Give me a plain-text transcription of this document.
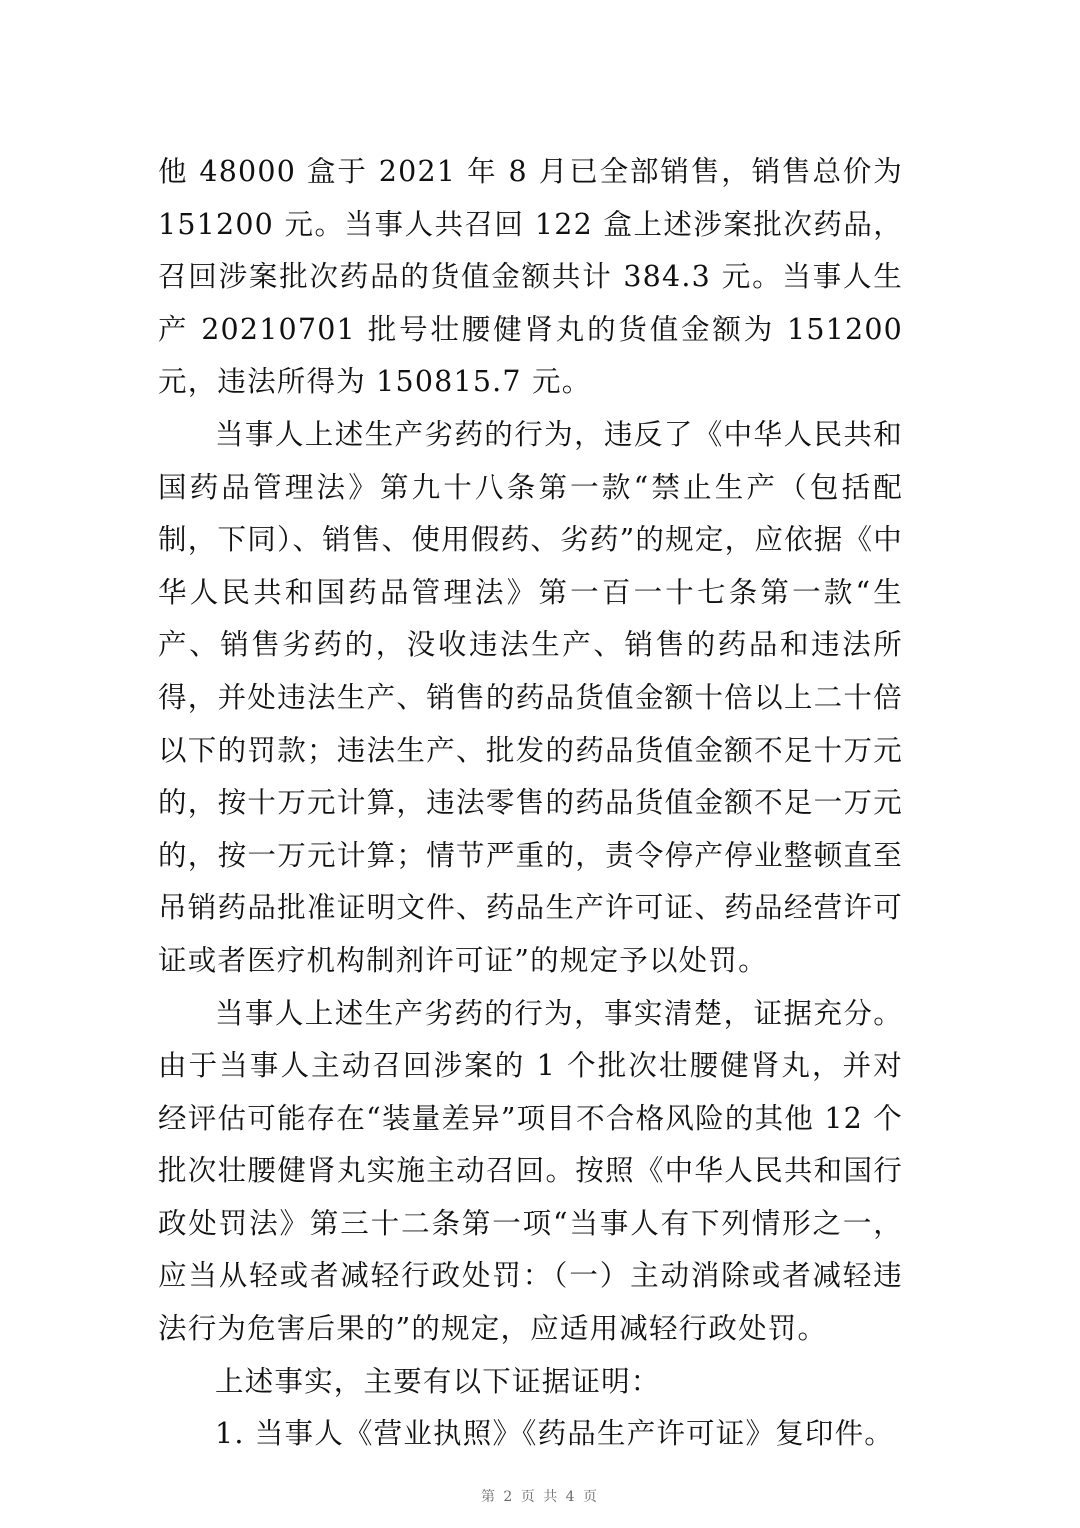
他 48000 盒于 2021 年 8 月已全部销售，销售总价为 151200 元。当事人共召回 122 盒上述涉案批次药品，召回涉案批次药品的货值金额共计 384.3 元。当事人生产 20210701 批号壮腰健肾丸的货值金额为 151200 元，违法所得为 150815.7 元。

当事人上述生产劣药的行为，违反了《中华人民共和国药品管理法》第九十八条第一款“禁止生产（包括配制，下同）、销售、使用假药、劣药”的规定，应依据《中华人民共和国药品管理法》第一百一十七条第一款“生产、销售劣药的，没收违法生产、销售的药品和违法所得，并处违法生产、销售的药品货值金额十倍以上二十倍以下的罚款；违法生产、批发的药品货值金额不足十万元的，按十万元计算，违法零售的药品货值金额不足一万元的，按一万元计算；情节严重的，责令停产停业整顿直至吊销药品批准证明文件、药品生产许可证、药品经营许可证或者医疗机构制剂许可证”的规定予以处罚。

当事人上述生产劣药的行为，事实清楚，证据充分。由于当事人主动召回涉案的 1 个批次壮腰健肾丸，并对经评估可能存在“装量差异”项目不合格风险的其他 12 个批次壮腰健肾丸实施主动召回。按照《中华人民共和国行政处罚法》第三十二条第一项“当事人有下列情形之一，应当从轻或者减轻行政处罚：（一）主动消除或者减轻违法行为危害后果的”的规定，应适用减轻行政处罚。

上述事实，主要有以下证据证明：

1. 当事人《营业执照》《药品生产许可证》复印件。

第 2 页 共 4 页
